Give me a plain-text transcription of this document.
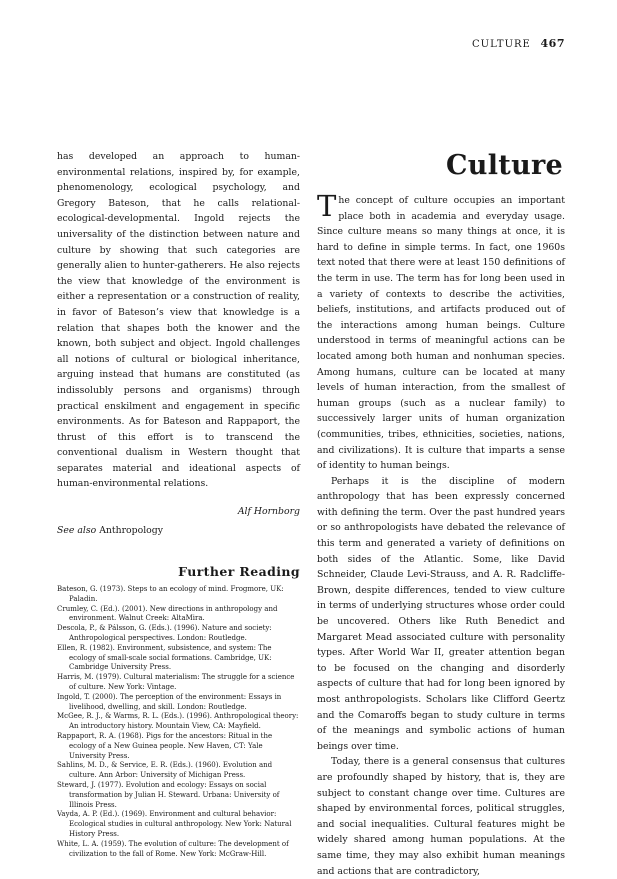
CULTURE 467

has developed an approach to human-environmental relations, inspired by, for example, phenomenology, ecological psychology, and Gregory Bateson, that he calls relational-ecological-developmental. Ingold rejects the universality of the distinction between nature and culture by showing that such categories are generally alien to hunter-gatherers. He also rejects the view that knowledge of the environment is either a representation or a construction of reality, in favor of Bateson’s view that knowledge is a relation that shapes both the knower and the known, both subject and object. Ingold challenges all notions of cultural or biological inheritance, arguing instead that humans are constituted (as indissolubly persons and organisms) through practical enskilment and engagement in specific environments. As for Bateson and Rappaport, the thrust of this effort is to transcend the conventional dualism in Western thought that separates material and ideational aspects of human-environmental relations.

Alf Hornborg
See also Anthropology
Further Reading
Bateson, G. (1973). Steps to an ecology of mind. Frogmore, UK: Paladin.
Crumley, C. (Ed.). (2001). New directions in anthropology and environment. Walnut Creek: AltaMira.
Descola, P., & Pálsson, G. (Eds.). (1996). Nature and society: Anthropological perspectives. London: Routledge.
Ellen, R. (1982). Environment, subsistence, and system: The ecology of small-scale social formations. Cambridge, UK: Cambridge University Press.
Harris, M. (1979). Cultural materialism: The struggle for a science of culture. New York: Vintage.
Ingold, T. (2000). The perception of the environment: Essays in livelihood, dwelling, and skill. London: Routledge.
McGee, R. J., & Warms, R. L. (Eds.). (1996). Anthropological theory: An introductory history. Mountain View, CA: Mayfield.
Rappaport, R. A. (1968). Pigs for the ancestors: Ritual in the ecology of a New Guinea people. New Haven, CT: Yale University Press.
Sahlins, M. D., & Service, E. R. (Eds.). (1960). Evolution and culture. Ann Arbor: University of Michigan Press.
Steward, J. (1977). Evolution and ecology: Essays on social transformation by Julian H. Steward. Urbana: University of Illinois Press.
Vayda, A. P. (Ed.). (1969). Environment and cultural behavior: Ecological studies in cultural anthropology. New York: Natural History Press.
White, L. A. (1959). The evolution of culture: The development of civilization to the fall of Rome. New York: McGraw-Hill.
Culture

The concept of culture occupies an important place both in academia and everyday usage. Since culture means so many things at once, it is hard to define in simple terms. In fact, one 1960s text noted that there were at least 150 definitions of the term in use. The term has for long been used in a variety of contexts to describe the activities, beliefs, institutions, and artifacts produced out of the interactions among human beings. Culture understood in terms of meaningful actions can be located among both human and nonhuman species. Among humans, culture can be located at many levels of human interaction, from the smallest of human groups (such as a nuclear family) to successively larger units of human organization (communities, tribes, ethnicities, societies, nations, and civilizations). It is culture that imparts a sense of identity to human beings.

Perhaps it is the discipline of modern anthropology that has been expressly concerned with defining the term. Over the past hundred years or so anthropologists have debated the relevance of this term and generated a variety of definitions on both sides of the Atlantic. Some, like David Schneider, Claude Levi-Strauss, and A. R. Radcliffe-Brown, despite differences, tended to view culture in terms of underlying structures whose order could be uncovered. Others like Ruth Benedict and Margaret Mead associated culture with personality types. After World War II, greater attention began to be focused on the changing and disorderly aspects of culture that had for long been ignored by most anthropologists. Scholars like Clifford Geertz and the Comaroffs began to study culture in terms of the meanings and symbolic actions of human beings over time.

Today, there is a general consensus that cultures are profoundly shaped by history, that is, they are subject to constant change over time. Cultures are shaped by environmental forces, political struggles, and social inequalities. Cultural features might be widely shared among human populations. At the same time, they may also exhibit human meanings and actions that are contradictory,
